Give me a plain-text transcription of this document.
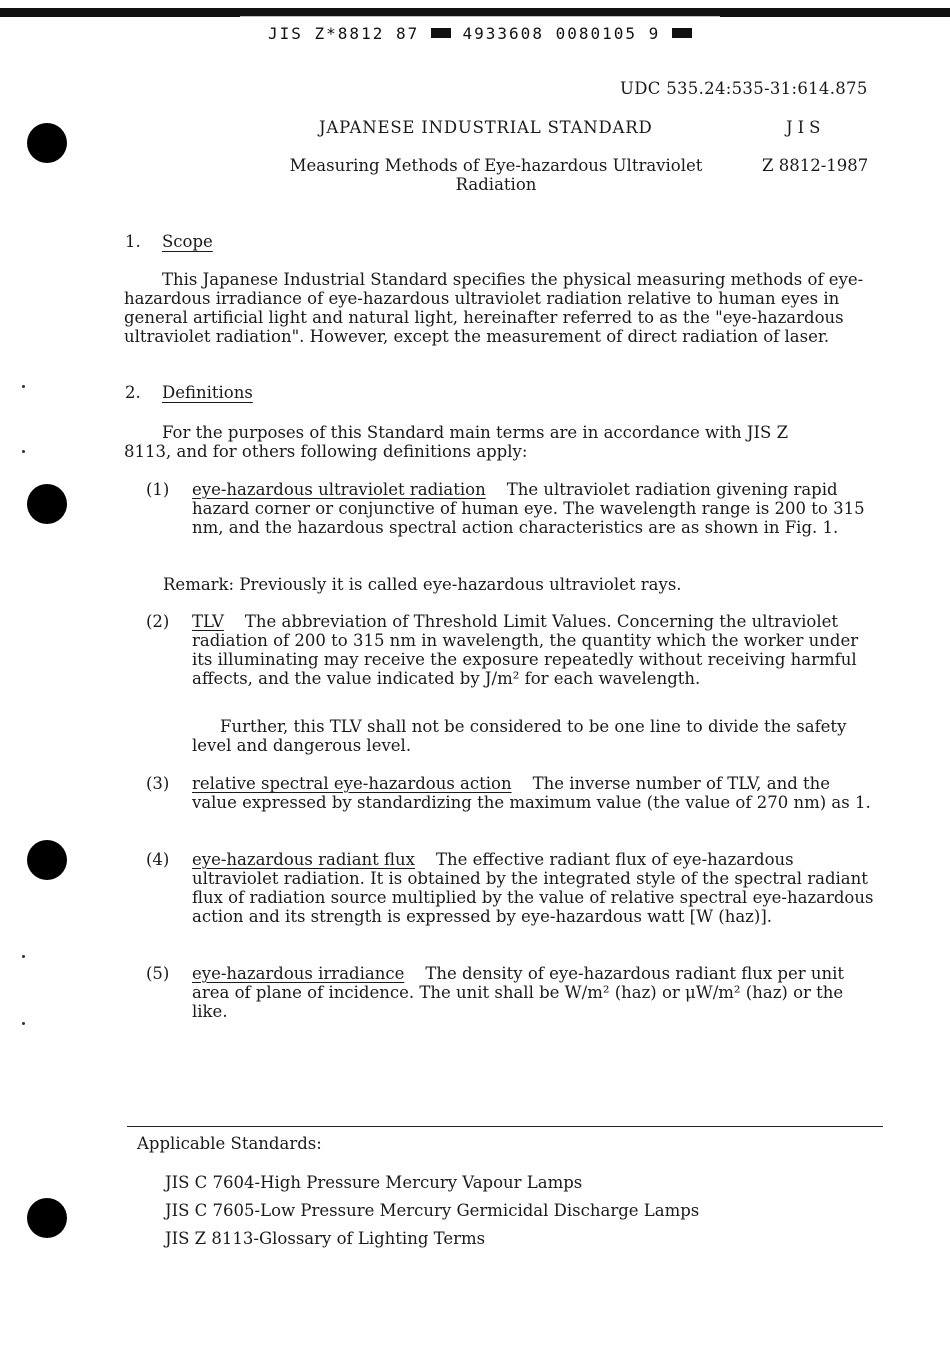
JIS Z*8812 87	4933608 0080105 9

UDC 535.24:535-31:614.875

JAPANESE INDUSTRIAL STANDARD	JIS

Measuring Methods of Eye-hazardous Ultraviolet Radiation

Z 8812-1987

1. Scope

This Japanese Industrial Standard specifies the physical measuring methods of eye-hazardous irradiance of eye-hazardous ultraviolet radiation relative to human eyes in general artificial light and natural light, hereinafter referred to as the "eye-hazardous ultraviolet radiation". However, except the measurement of direct radiation of laser.

2. Definitions

For the purposes of this Standard main terms are in accordance with JIS Z 8113, and for others following definitions apply:

(1) eye-hazardous ultraviolet radiation The ultraviolet radiation givening rapid hazard corner or conjunctive of human eye. The wavelength range is 200 to 315 nm, and the hazardous spectral action characteristics are as shown in Fig. 1.

Remark: Previously it is called eye-hazardous ultraviolet rays.

(2) TLV The abbreviation of Threshold Limit Values. Concerning the ultraviolet radiation of 200 to 315 nm in wavelength, the quantity which the worker under its illuminating may receive the exposure repeatedly without receiving harmful affects, and the value indicated by J/m² for each wavelength.

Further, this TLV shall not be considered to be one line to divide the safety level and dangerous level.

(3) relative spectral eye-hazardous action The inverse number of TLV, and the value expressed by standardizing the maximum value (the value of 270 nm) as 1.

(4) eye-hazardous radiant flux The effective radiant flux of eye-hazardous ultraviolet radiation. It is obtained by the integrated style of the spectral radiant flux of radiation source multiplied by the value of relative spectral eye-hazardous action and its strength is expressed by eye-hazardous watt [W (haz)].

(5) eye-hazardous irradiance The density of eye-hazardous radiant flux per unit area of plane of incidence. The unit shall be W/m² (haz) or μW/m² (haz) or the like.

Applicable Standards:

JIS C 7604-High Pressure Mercury Vapour Lamps

JIS C 7605-Low Pressure Mercury Germicidal Discharge Lamps

JIS Z 8113-Glossary of Lighting Terms
